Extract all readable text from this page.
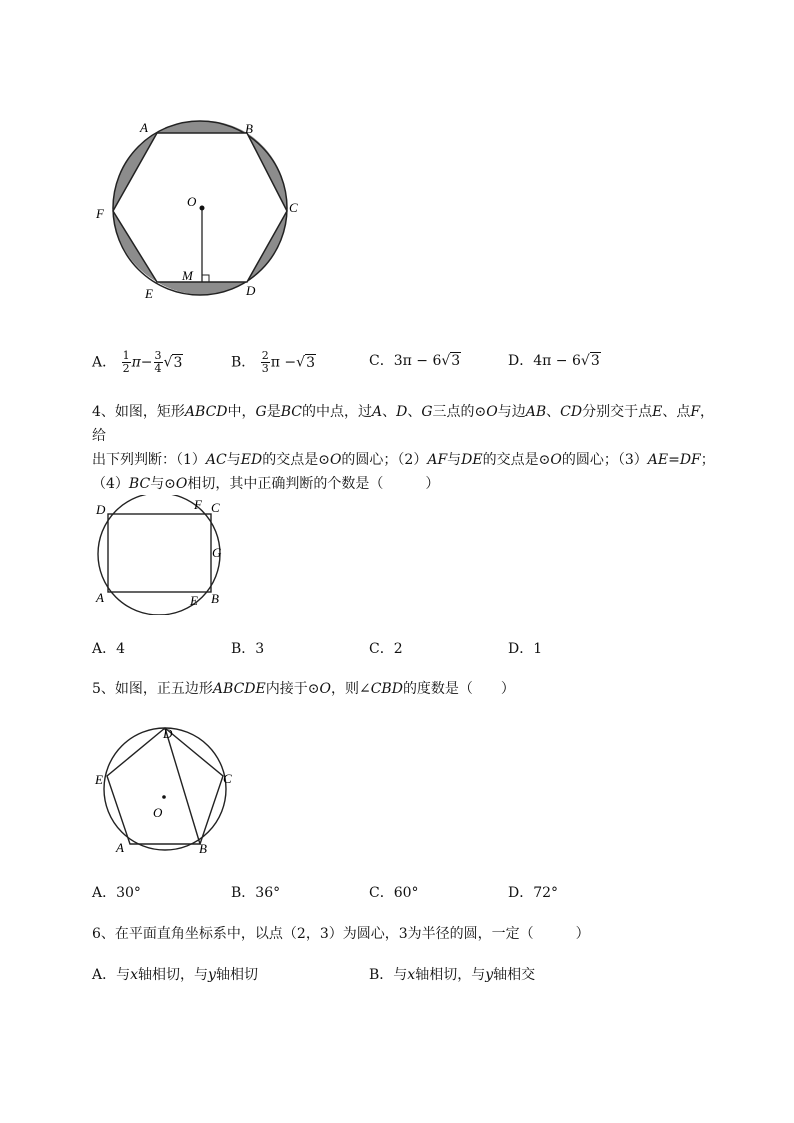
A	B
C
D
E
F
O
M
A． $\frac{1}{2} \pi- \frac{3}{4} √3$	B． $\frac{2}{3}$ π −√3	C．3π − 6√3	D．4π − 6√3
4、如图，矩形ABCD中，G是BC的中点，过A、D、G三点的⊙O与边AB、CD分别交于点E、点F，给
出下列判断：（1）AC与ED的交点是⊙O的圆心；（2）AF与DE的交点是⊙O的圆心；（3）AE=DF；
（4）BC与⊙O相切，其中正确判断的个数是（　　　）
D	F C
G
A	E B
A．4	B．3	C．2	D．1
5、如图，正五边形ABCDE内接于⊙O，则∠CBD的度数是（　　）
D
E	C
O
A	B
A．30°	B．36°	C．60°	D．72°
6、在平面直角坐标系中，以点（2，3）为圆心，3为半径的圆，一定（　　　）
A．与x轴相切，与y轴相切	B．与x轴相切，与y轴相交
